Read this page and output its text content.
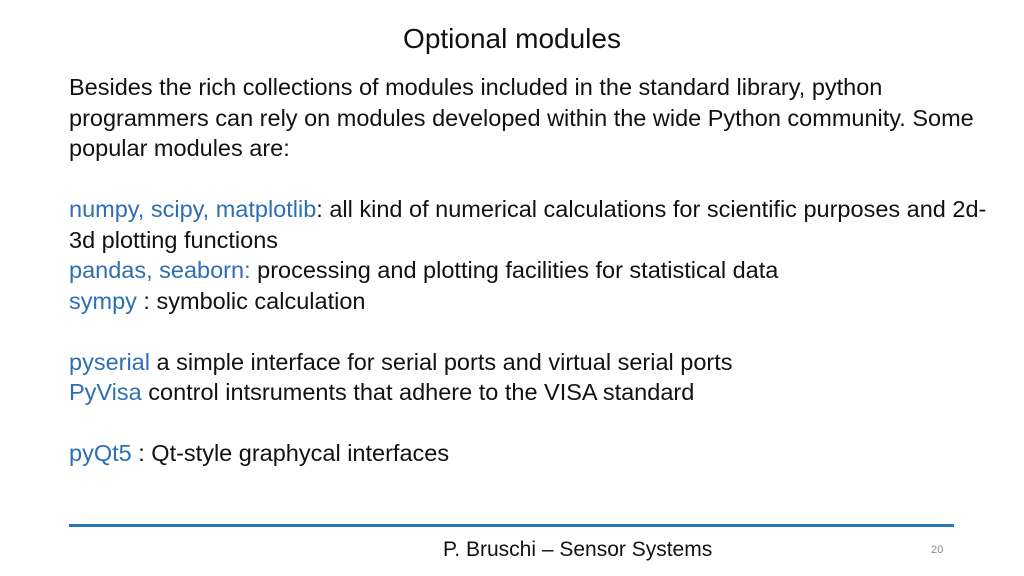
Optional modules

Besides the rich collections of modules included in the standard library, python programmers can rely on modules developed within the wide Python community. Some popular modules are:

numpy, scipy, matplotlib: all kind of numerical calculations for scientific purposes and 2d-3d plotting functions

pandas, seaborn: processing and plotting facilities for statistical data

sympy : symbolic calculation

pyserial a simple interface for serial ports and virtual serial ports

PyVisa control intsruments that adhere to the VISA standard

pyQt5 : Qt-style graphycal interfaces

P. Bruschi – Sensor Systems	20
